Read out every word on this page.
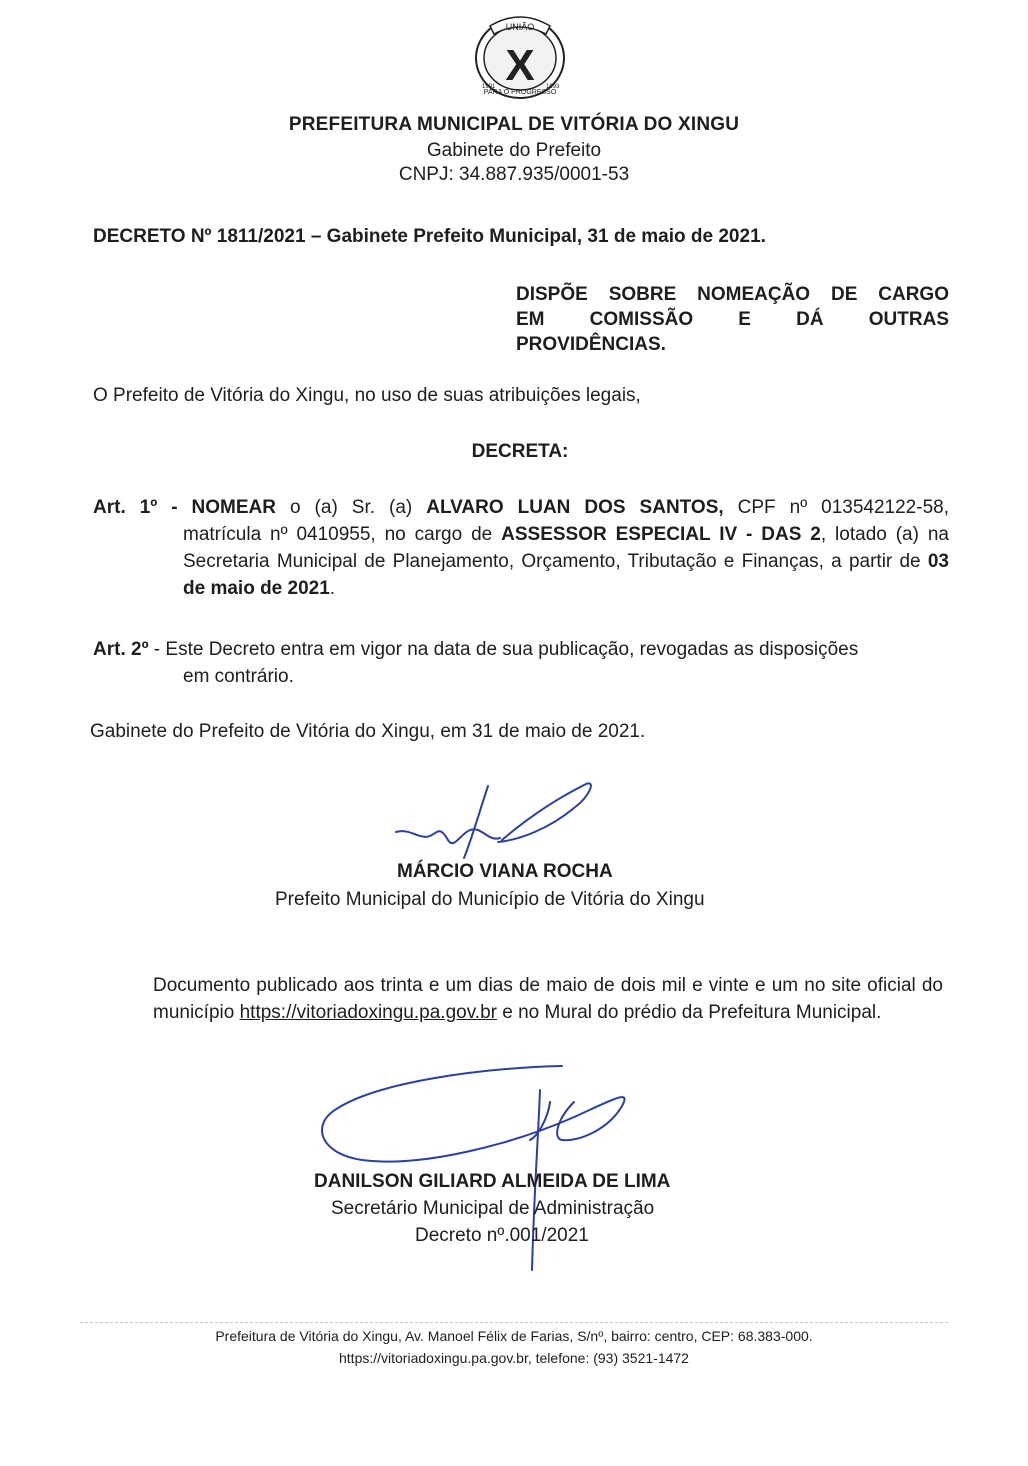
UNIÃO
X
PARA O PROGRESSO
1991	1993
PREFEITURA MUNICIPAL DE VITÓRIA DO XINGU
Gabinete do Prefeito
CNPJ: 34.887.935/0001-53
DECRETO Nº 1811/2021 – Gabinete Prefeito Municipal, 31 de maio de 2021.
DISPÕE SOBRE NOMEAÇÃO DE CARGO
EM COMISSÃO E DÁ OUTRAS
PROVIDÊNCIAS.
O Prefeito de Vitória do Xingu, no uso de suas atribuições legais,
DECRETA:
Art. 1º - NOMEAR o (a) Sr. (a) ALVARO LUAN DOS SANTOS, CPF nº 013542122-58,
matrícula nº 0410955, no cargo de ASSESSOR ESPECIAL IV - DAS 2, lotado (a) na Secretaria Municipal de Planejamento, Orçamento, Tributação e Finanças, a partir de 03 de maio de 2021.
Art. 2º - Este Decreto entra em vigor na data de sua publicação, revogadas as disposições
em contrário.
Gabinete do Prefeito de Vitória do Xingu, em 31 de maio de 2021.
MÁRCIO VIANA ROCHA
Prefeito Municipal do Município de Vitória do Xingu
Documento publicado aos trinta e um dias de maio de dois mil e vinte e um no site oficial do município https://vitoriadoxingu.pa.gov.br e no Mural do prédio da Prefeitura Municipal.
DANILSON GILIARD ALMEIDA DE LIMA
Secretário Municipal de Administração
Decreto nº.001/2021
Prefeitura de Vitória do Xingu, Av. Manoel Félix de Farias, S/nº, bairro: centro, CEP: 68.383-000.
https://vitoriadoxingu.pa.gov.br, telefone: (93) 3521-1472
